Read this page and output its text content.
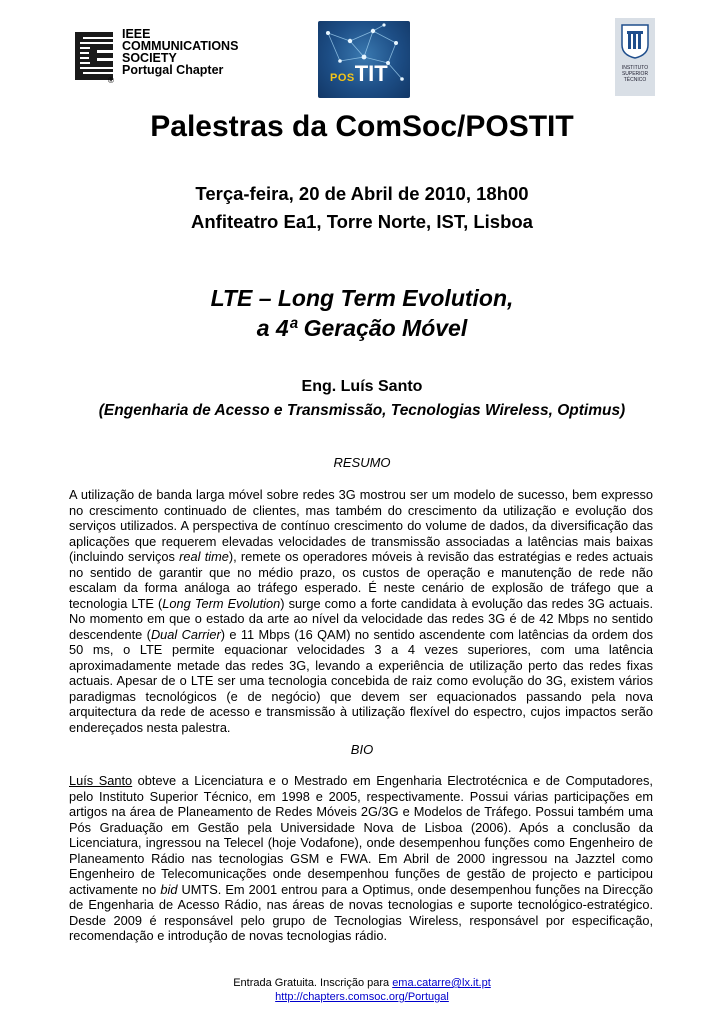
IEEE
COMMUNICATIONS
SOCIETY
Portugal Chapter
®	POSTIT	INSTITUTO
SUPERIOR
TÉCNICO
Palestras da ComSoc/POSTIT
Terça-feira, 20 de Abril de 2010, 18h00
Anfiteatro Ea1, Torre Norte, IST, Lisboa
LTE – Long Term Evolution,
a 4ª Geração Móvel
Eng. Luís Santo
(Engenharia de Acesso e Transmissão, Tecnologias Wireless, Optimus)
RESUMO
A utilização de banda larga móvel sobre redes 3G mostrou ser um modelo de sucesso, bem expresso no crescimento continuado de clientes, mas também do crescimento da utilização e evolução dos serviços utilizados. A perspectiva de contínuo crescimento do volume de dados, da diversificação das aplicações que requerem elevadas velocidades de transmissão associadas a latências mais baixas (incluindo serviços real time), remete os operadores móveis à revisão das estratégias e redes actuais no sentido de garantir que no médio prazo, os custos de operação e manutenção de rede não escalam da forma análoga ao tráfego esperado. É neste cenário de explosão de tráfego que a tecnologia LTE (Long Term Evolution) surge como a forte candidata à evolução das redes 3G actuais. No momento em que o estado da arte ao nível da velocidade das redes 3G é de 42 Mbps no sentido descendente (Dual Carrier) e 11 Mbps (16 QAM) no sentido ascendente com latências da ordem dos 50 ms, o LTE permite equacionar velocidades 3 a 4 vezes superiores, com uma latência aproximadamente metade das redes 3G, levando a experiência de utilização perto das redes fixas actuais. Apesar de o LTE ser uma tecnologia concebida de raiz como evolução do 3G, existem vários paradigmas tecnológicos (e de negócio) que devem ser equacionados passando pela nova arquitectura da rede de acesso e transmissão à utilização flexível do espectro, cujos impactos serão endereçados nesta palestra.
BIO
Luís Santo obteve a Licenciatura e o Mestrado em Engenharia Electrotécnica e de Computadores, pelo Instituto Superior Técnico, em 1998 e 2005, respectivamente. Possui várias participações em artigos na área de Planeamento de Redes Móveis 2G/3G e Modelos de Tráfego. Possui também uma Pós Graduação em Gestão pela Universidade Nova de Lisboa (2006). Após a conclusão da Licenciatura, ingressou na Telecel (hoje Vodafone), onde desempenhou funções como Engenheiro de Planeamento Rádio nas tecnologias GSM e FWA. Em Abril de 2000 ingressou na Jazztel como Engenheiro de Telecomunicações onde desempenhou funções de gestão de projecto e participou activamente no bid UMTS. Em 2001 entrou para a Optimus, onde desempenhou funções na Direcção de Engenharia de Acesso Rádio, nas áreas de novas tecnologias e suporte tecnológico-estratégico. Desde 2009 é responsável pelo grupo de Tecnologias Wireless, responsável por especificação, recomendação e introdução de novas tecnologias rádio.
Entrada Gratuita. Inscrição para ema.catarre@lx.it.pt
http://chapters.comsoc.org/Portugal
